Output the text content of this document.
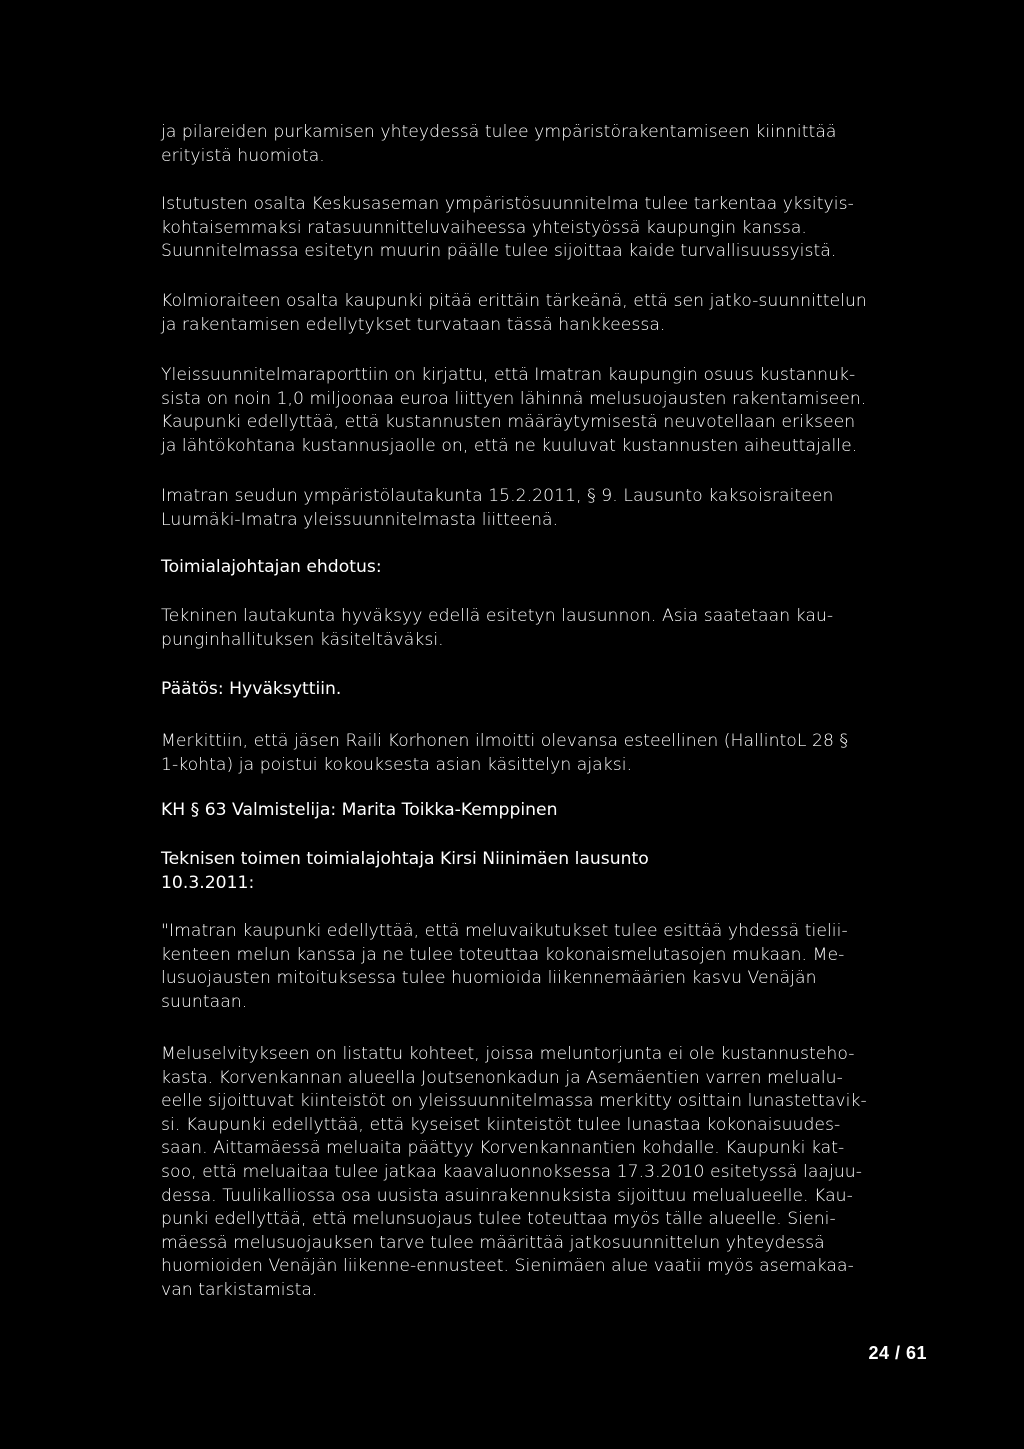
ja pilareiden purkamisen yhteydessä tulee ympäristörakentamiseen kiinnittää
erityistä huomiota.

Istutusten osalta Keskusaseman ympäristösuunnitelma tulee tarkentaa yksityis-
kohtaisemmaksi ratasuunnitteluvaiheessa yhteistyössä kaupungin kanssa.
Suunnitelmassa esitetyn muurin päälle tulee sijoittaa kaide turvallisuussyistä.

Kolmioraiteen osalta kaupunki pitää erittäin tärkeänä, että sen jatko-suunnittelun
ja rakentamisen edellytykset turvataan tässä hankkeessa.

Yleissuunnitelmaraporttiin on kirjattu, että Imatran kaupungin osuus kustannuk-
sista on noin 1,0 miljoonaa euroa liittyen lähinnä melusuojausten rakentamiseen.
Kaupunki edellyttää, että kustannusten määräytymisestä neuvotellaan erikseen
ja lähtökohtana kustannusjaolle on, että ne kuuluvat kustannusten aiheuttajalle.

Imatran seudun ympäristölautakunta 15.2.2011, § 9. Lausunto kaksoisraiteen
Luumäki-Imatra yleissuunnitelmasta liitteenä.

Toimialajohtajan ehdotus:

Tekninen lautakunta hyväksyy edellä esitetyn lausunnon. Asia saatetaan kau-
punginhallituksen käsiteltäväksi.

Päätös: Hyväksyttiin.

Merkittiin, että jäsen Raili Korhonen ilmoitti olevansa esteellinen (HallintoL 28 §
1-kohta) ja poistui kokouksesta asian käsittelyn ajaksi.

KH § 63 Valmistelija: Marita Toikka-Kemppinen

Teknisen toimen toimialajohtaja Kirsi Niinimäen lausunto
10.3.2011:

"Imatran kaupunki edellyttää, että meluvaikutukset tulee esittää yhdessä tielii-
kenteen melun kanssa ja ne tulee toteuttaa kokonaismelutasojen mukaan. Me-
lusuojausten mitoituksessa tulee huomioida liikennemäärien kasvu Venäjän
suuntaan.

Meluselvitykseen on listattu kohteet, joissa meluntorjunta ei ole kustannusteho-
kasta. Korvenkannan alueella Joutsenonkadun ja Asemäentien varren melualu-
eelle sijoittuvat kiinteistöt on yleissuunnitelmassa merkitty osittain lunastettavik-
si. Kaupunki edellyttää, että kyseiset kiinteistöt tulee lunastaa kokonaisuudes-
saan. Aittamäessä meluaita päättyy Korvenkannantien kohdalle. Kaupunki kat-
soo, että meluaitaa tulee jatkaa kaavaluonnoksessa 17.3.2010 esitetyssä laajuu-
dessa. Tuulikalliossa osa uusista asuinrakennuksista sijoittuu melualueelle. Kau-
punki edellyttää, että melunsuojaus tulee toteuttaa myös tälle alueelle. Sieni-
mäessä melusuojauksen tarve tulee määrittää jatkosuunnittelun yhteydessä
huomioiden Venäjän liikenne-ennusteet. Sienimäen alue vaatii myös asemakaa-
van tarkistamista.

24 / 61
